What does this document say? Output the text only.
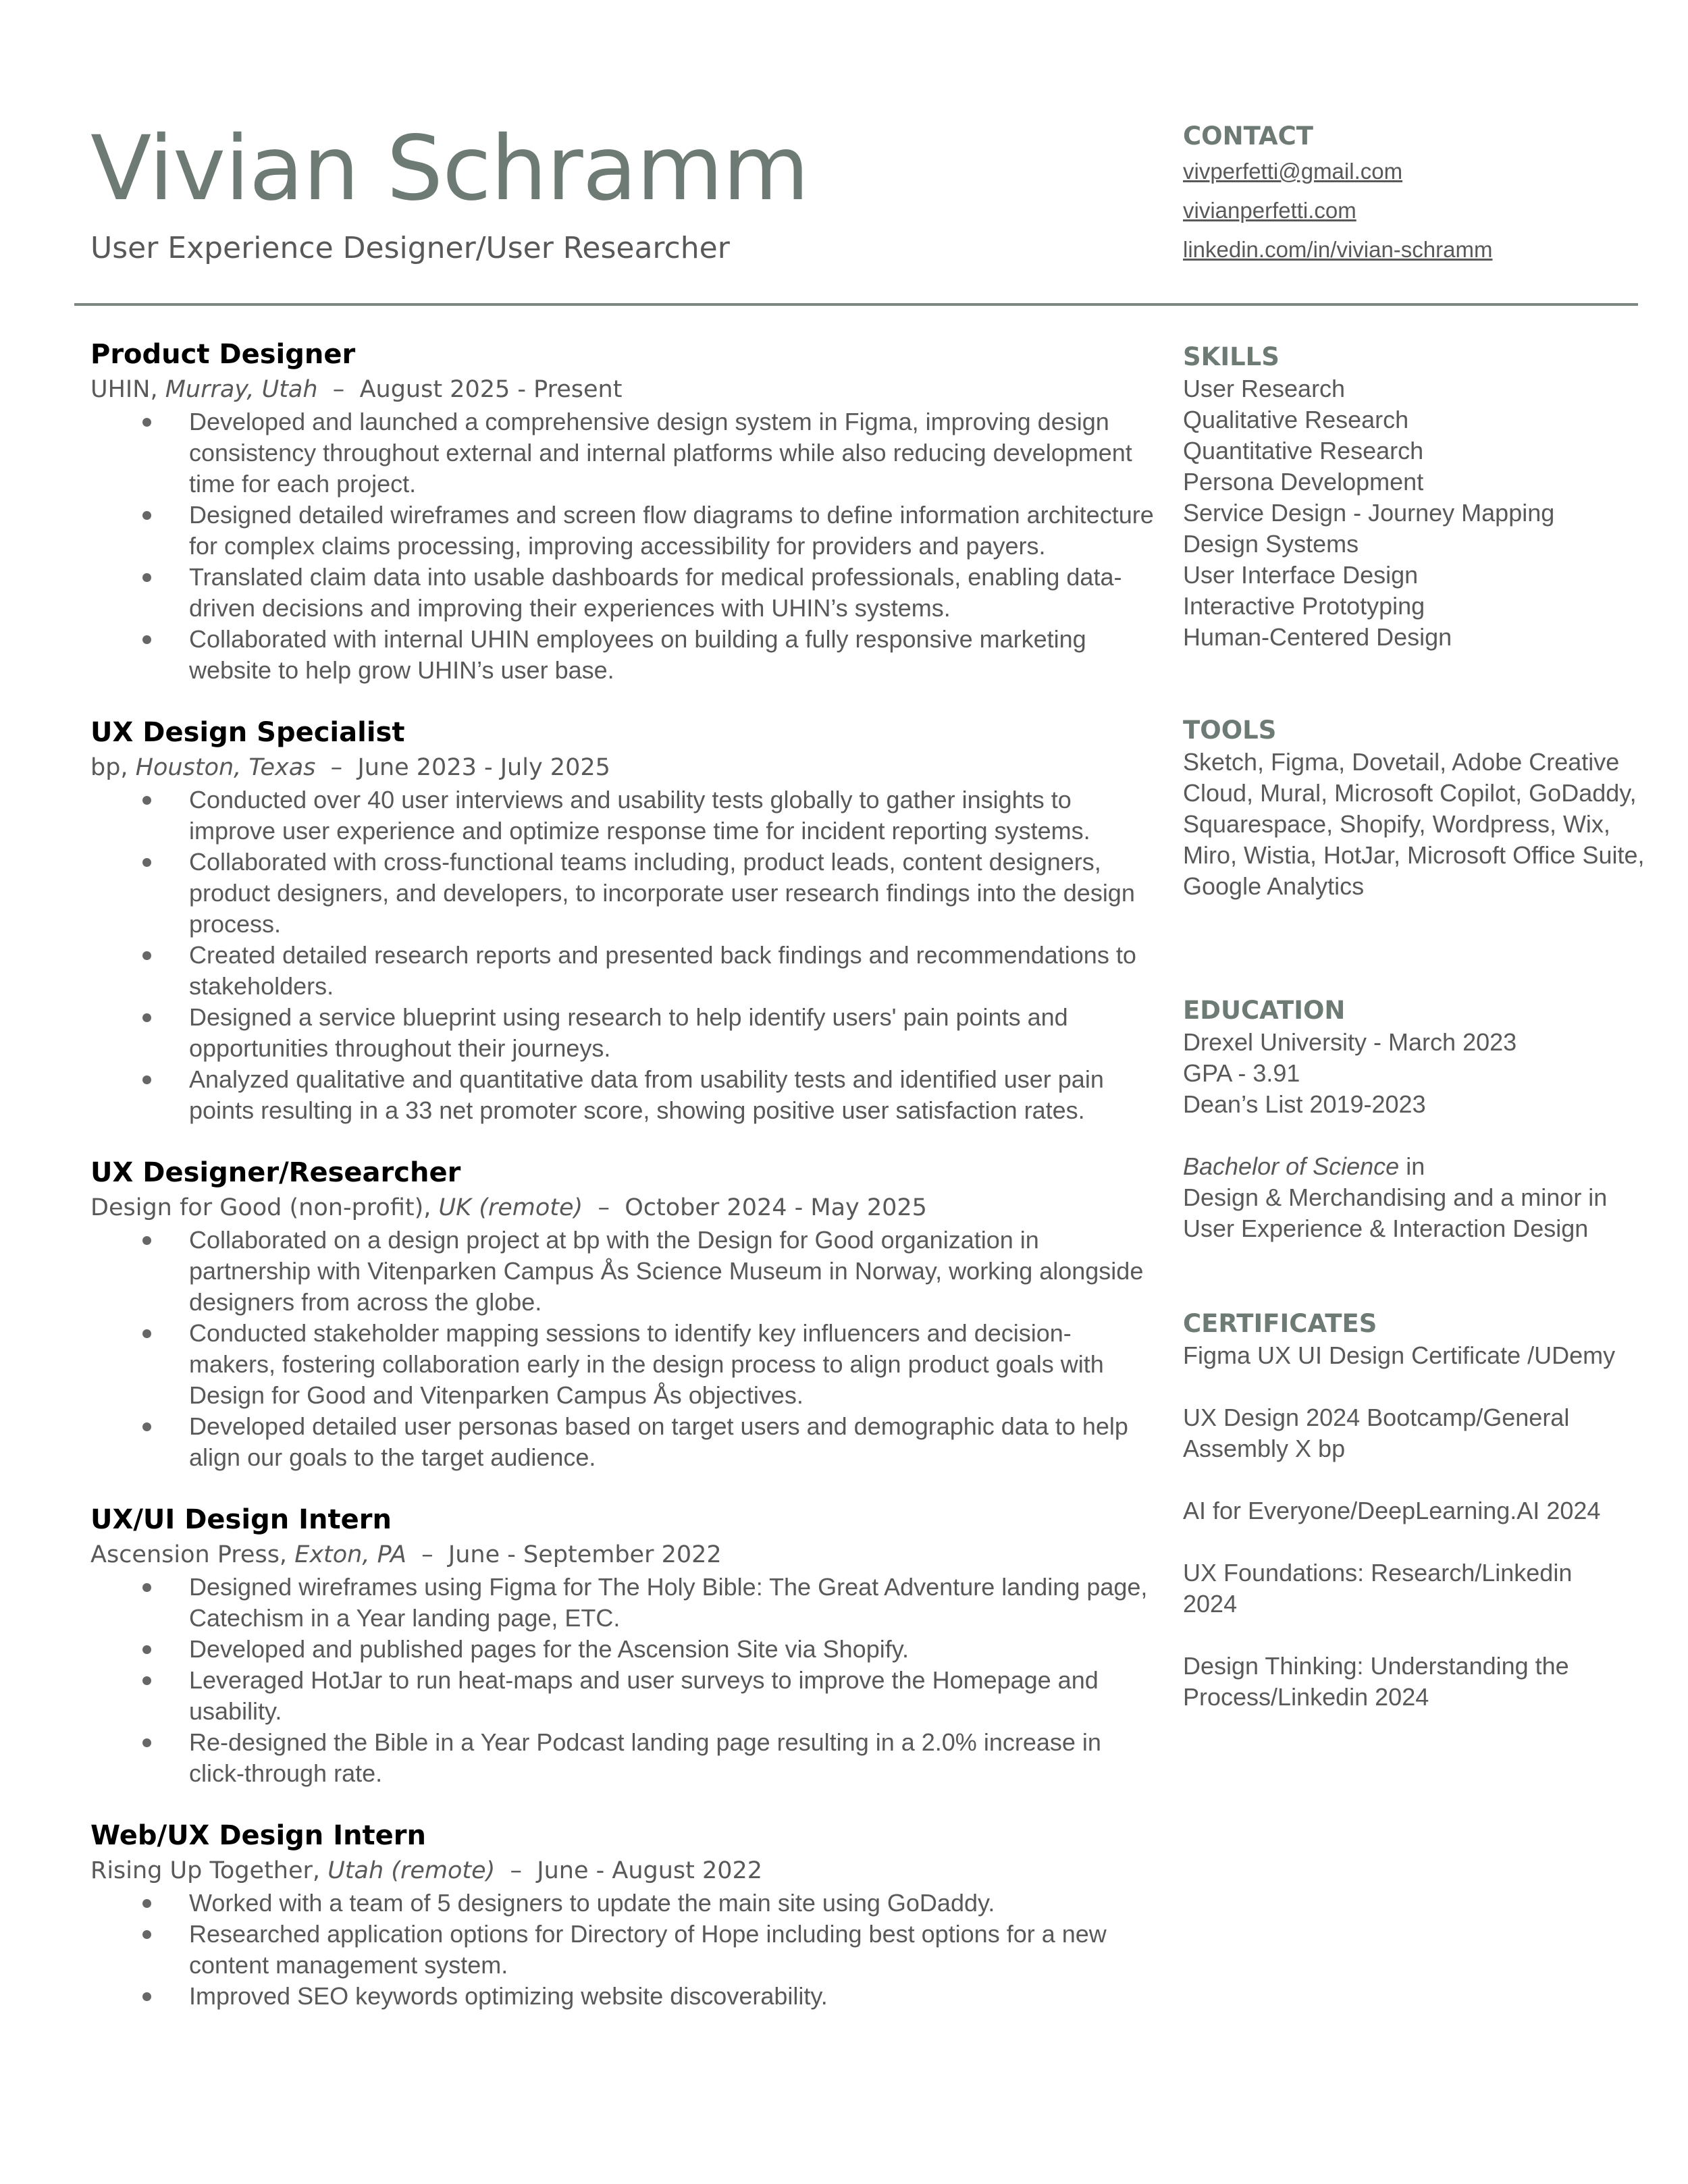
Vivian Schramm
User Experience Designer/User Researcher
CONTACT
vivperfetti@gmail.com
vivianperfetti.com
linkedin.com/in/vivian-schramm
Product Designer
UHIN, Murray, Utah  –  August 2025 - Present
Developed and launched a comprehensive design system in Figma, improving design consistency throughout external and internal platforms while also reducing development time for each project.
Designed detailed wireframes and screen flow diagrams to define information architecture for complex claims processing, improving accessibility for providers and payers.
Translated claim data into usable dashboards for medical professionals, enabling data-driven decisions and improving their experiences with UHIN’s systems.
Collaborated with internal UHIN employees on building a fully responsive marketing website to help grow UHIN’s user base.
UX Design Specialist
bp, Houston, Texas  –  June 2023 - July 2025
Conducted over 40 user interviews and usability tests globally to gather insights to improve user experience and optimize response time for incident reporting systems.
Collaborated with cross-functional teams including, product leads, content designers, product designers, and developers, to incorporate user research findings into the design process.
Created detailed research reports and presented back findings and recommendations to stakeholders.
Designed a service blueprint using research to help identify users' pain points and opportunities throughout their journeys.
Analyzed qualitative and quantitative data from usability tests and identified user pain points resulting in a 33 net promoter score, showing positive user satisfaction rates.
UX Designer/Researcher
Design for Good (non-profit), UK (remote)  –  October 2024 - May 2025
Collaborated on a design project at bp with the Design for Good organization in partnership with Vitenparken Campus Ås Science Museum in Norway, working alongside designers from across the globe.
Conducted stakeholder mapping sessions to identify key influencers and decision-makers, fostering collaboration early in the design process to align product goals with Design for Good and Vitenparken Campus Ås objectives.
Developed detailed user personas based on target users and demographic data to help align our goals to the target audience.
UX/UI Design Intern
Ascension Press, Exton, PA  –  June - September 2022
Designed wireframes using Figma for The Holy Bible: The Great Adventure landing page, Catechism in a Year landing page, ETC.
Developed and published pages for the Ascension Site via Shopify.
Leveraged HotJar to run heat-maps and user surveys to improve the Homepage and usability.
Re-designed the Bible in a Year Podcast landing page resulting in a 2.0% increase in click-through rate.
Web/UX Design Intern
Rising Up Together, Utah (remote)  –  June - August 2022
Worked with a team of 5 designers to update the main site using GoDaddy.
Researched application options for Directory of Hope including best options for a new content management system.
Improved SEO keywords optimizing website discoverability.
SKILLS
User Research
Qualitative Research
Quantitative Research
Persona Development
Service Design - Journey Mapping
Design Systems
User Interface Design
Interactive Prototyping
Human-Centered Design
TOOLS
Sketch, Figma, Dovetail, Adobe Creative Cloud, Mural, Microsoft Copilot, GoDaddy, Squarespace, Shopify, Wordpress, Wix, Miro, Wistia, HotJar, Microsoft Office Suite, Google Analytics
EDUCATION
Drexel University - March 2023
GPA - 3.91
Dean’s List 2019-2023
Bachelor of Science in
Design & Merchandising and a minor in
User Experience & Interaction Design
CERTIFICATES
Figma UX UI Design Certificate /UDemy
UX Design 2024 Bootcamp/General Assembly X bp
AI for Everyone/DeepLearning.AI 2024
UX Foundations: Research/Linkedin 2024
Design Thinking: Understanding the Process/Linkedin 2024
